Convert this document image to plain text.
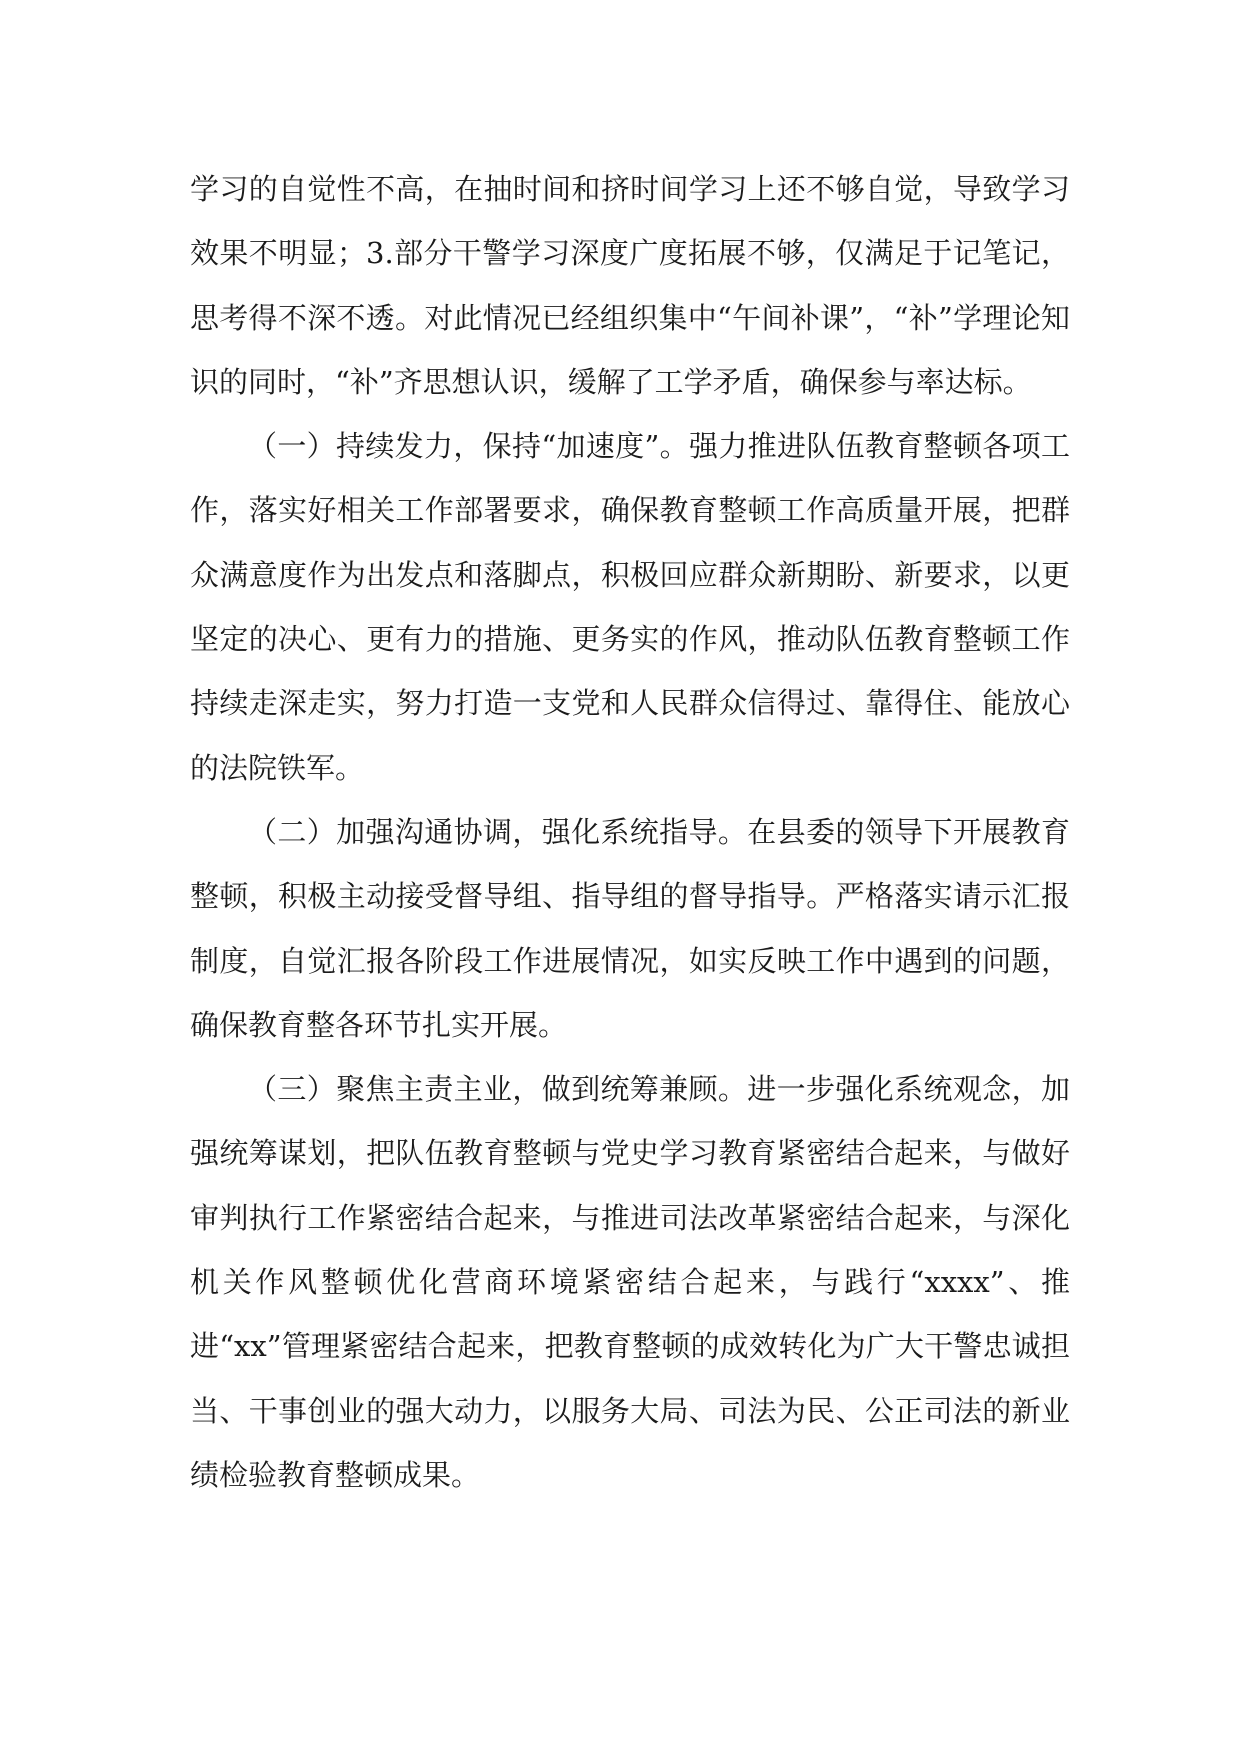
学习的自觉性不高，在抽时间和挤时间学习上还不够自觉，导致学习效果不明显；3.部分干警学习深度广度拓展不够，仅满足于记笔记，思考得不深不透。对此情况已经组织集中“午间补课”，“补”学理论知识的同时，“补”齐思想认识，缓解了工学矛盾，确保参与率达标。

（一）持续发力，保持“加速度”。强力推进队伍教育整顿各项工作，落实好相关工作部署要求，确保教育整顿工作高质量开展，把群众满意度作为出发点和落脚点，积极回应群众新期盼、新要求，以更坚定的决心、更有力的措施、更务实的作风，推动队伍教育整顿工作持续走深走实，努力打造一支党和人民群众信得过、靠得住、能放心的法院铁军。

（二）加强沟通协调，强化系统指导。在县委的领导下开展教育整顿，积极主动接受督导组、指导组的督导指导。严格落实请示汇报制度，自觉汇报各阶段工作进展情况，如实反映工作中遇到的问题，确保教育整各环节扎实开展。

（三）聚焦主责主业，做到统筹兼顾。进一步强化系统观念，加强统筹谋划，把队伍教育整顿与党史学习教育紧密结合起来，与做好审判执行工作紧密结合起来，与推进司法改革紧密结合起来，与深化机关作风整顿优化营商环境紧密结合起来，与践行“xxxx”、推进“xx”管理紧密结合起来，把教育整顿的成效转化为广大干警忠诚担当、干事创业的强大动力，以服务大局、司法为民、公正司法的新业绩检验教育整顿成果。
